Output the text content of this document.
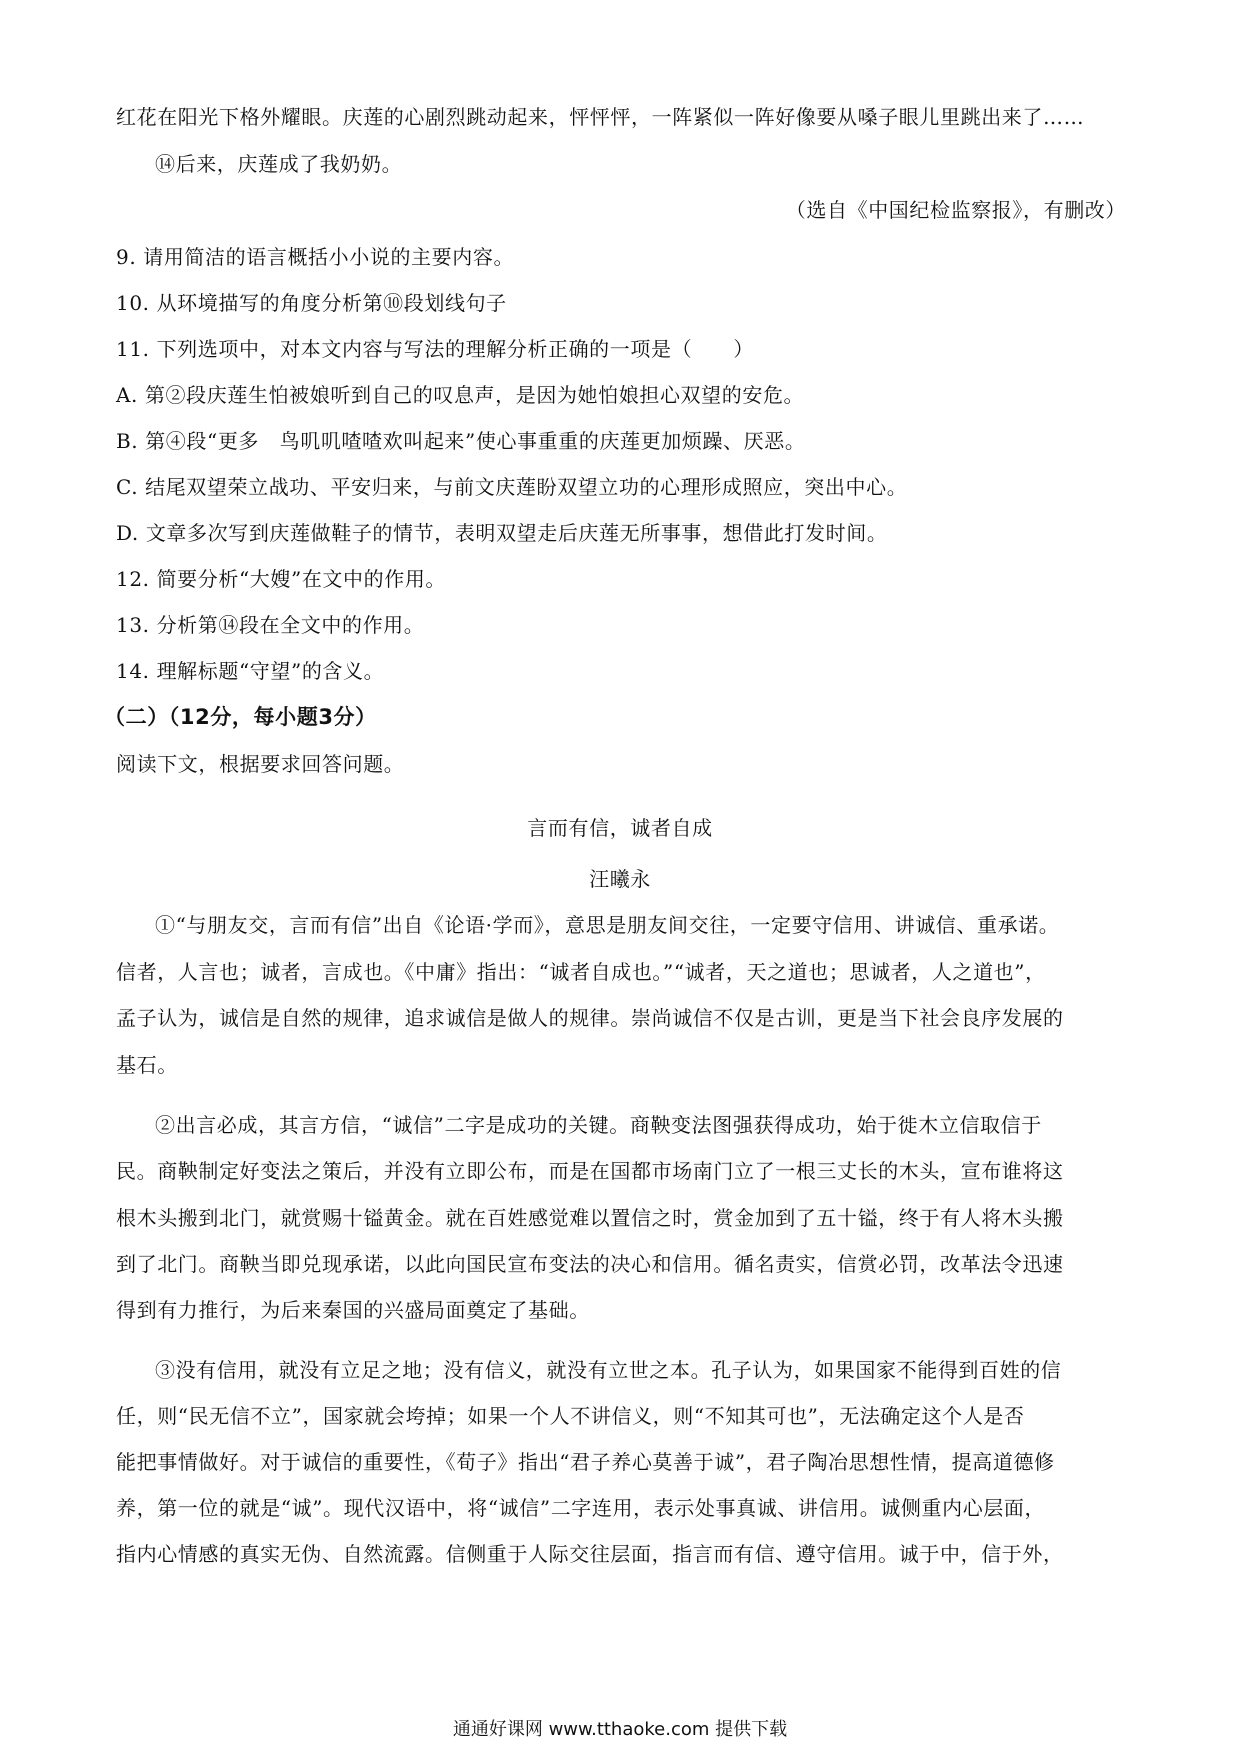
红花在阳光下格外耀眼。庆莲的心剧烈跳动起来，怦怦怦，一阵紧似一阵好像要从嗓子眼儿里跳出来了……
⑭后来，庆莲成了我奶奶。
（选自《中国纪检监察报》，有删改）
9. 请用简洁的语言概括小小说的主要内容。
10. 从环境描写的角度分析第⑩段划线句子
11. 下列选项中，对本文内容与写法的理解分析正确的一项是（　　）
A. 第②段庆莲生怕被娘听到自己的叹息声，是因为她怕娘担心双望的安危。
B. 第④段“更多　鸟叽叽喳喳欢叫起来”使心事重重的庆莲更加烦躁、厌恶。
C. 结尾双望荣立战功、平安归来，与前文庆莲盼双望立功的心理形成照应，突出中心。
D. 文章多次写到庆莲做鞋子的情节，表明双望走后庆莲无所事事，想借此打发时间。
12. 简要分析“大嫂”在文中的作用。
13. 分析第⑭段在全文中的作用。
14. 理解标题“守望”的含义。
（二）（12分，每小题3分）
阅读下文，根据要求回答问题。
言而有信，诚者自成
汪曦永
①“与朋友交，言而有信”出自《论语·学而》，意思是朋友间交往，一定要守信用、讲诚信、重承诺。
信者，人言也；诚者，言成也。《中庸》指出：“诚者自成也。”“诚者，天之道也；思诚者，人之道也”，
孟子认为，诚信是自然的规律，追求诚信是做人的规律。崇尚诚信不仅是古训，更是当下社会良序发展的
基石。
②出言必成，其言方信，“诚信”二字是成功的关键。商鞅变法图强获得成功，始于徙木立信取信于
民。商鞅制定好变法之策后，并没有立即公布，而是在国都市场南门立了一根三丈长的木头，宣布谁将这
根木头搬到北门，就赏赐十镒黄金。就在百姓感觉难以置信之时，赏金加到了五十镒，终于有人将木头搬
到了北门。商鞅当即兑现承诺，以此向国民宣布变法的决心和信用。循名责实，信赏必罚，改革法令迅速
得到有力推行，为后来秦国的兴盛局面奠定了基础。
③没有信用，就没有立足之地；没有信义，就没有立世之本。孔子认为，如果国家不能得到百姓的信
任，则“民无信不立”，国家就会垮掉；如果一个人不讲信义，则“不知其可也”，无法确定这个人是否
能把事情做好。对于诚信的重要性，《荀子》指出“君子养心莫善于诚”，君子陶冶思想性情，提高道德修
养，第一位的就是“诚”。现代汉语中，将“诚信”二字连用，表示处事真诚、讲信用。诚侧重内心层面，
指内心情感的真实无伪、自然流露。信侧重于人际交往层面，指言而有信、遵守信用。诚于中，信于外，
通通好课网 www.tthaoke.com 提供下载
